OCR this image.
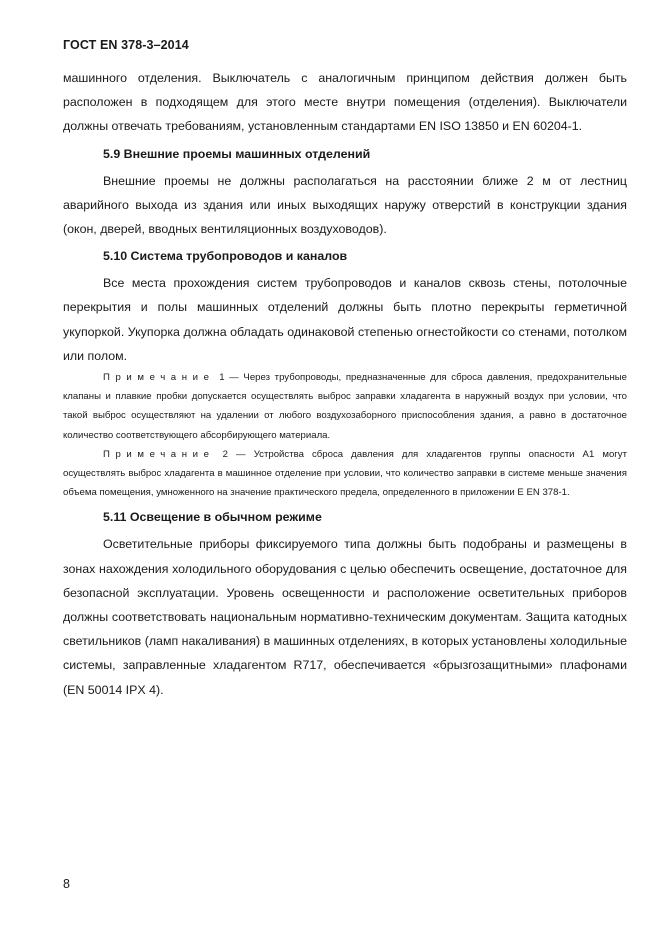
ГОСТ EN 378-3–2014

машинного отделения. Выключатель с аналогичным принципом действия должен быть расположен в подходящем для этого месте внутри помещения (отделения). Выключатели должны отвечать требованиям, установленным стандартами EN ISO 13850 и EN 60204-1.

5.9 Внешние проемы машинных отделений

Внешние проемы не должны располагаться на расстоянии ближе 2 м от лестниц аварийного выхода из здания или иных выходящих наружу отверстий в конструкции здания (окон, дверей, вводных вентиляционных воздуховодов).

5.10 Система трубопроводов и каналов

Все места прохождения систем трубопроводов и каналов сквозь стены, потолочные перекрытия и полы машинных отделений должны быть плотно перекрыты герметичной укупоркой. Укупорка должна обладать одинаковой степенью огнестойкости со стенами, потолком или полом.

Примечание 1 — Через трубопроводы, предназначенные для сброса давления, предохранительные клапаны и плавкие пробки допускается осуществлять выброс заправки хладагента в наружный воздух при условии, что такой выброс осуществляют на удалении от любого воздухозаборного приспособления здания, а равно в достаточное количество соответствующего абсорбирующего материала.

Примечание 2 — Устройства сброса давления для хладагентов группы опасности A1 могут осуществлять выброс хладагента в машинное отделение при условии, что количество заправки в системе меньше значения объема помещения, умноженного на значение практического предела, определенного в приложении E EN 378-1.

5.11 Освещение в обычном режиме

Осветительные приборы фиксируемого типа должны быть подобраны и размещены в зонах нахождения холодильного оборудования с целью обеспечить освещение, достаточное для безопасной эксплуатации. Уровень освещенности и расположение осветительных приборов должны соответствовать национальным нормативно-техническим документам. Защита катодных светильников (ламп накаливания) в машинных отделениях, в которых установлены холодильные системы, заправленные хладагентом R717, обеспечивается «брызгозащитными» плафонами (EN 50014 IPX 4).

8
